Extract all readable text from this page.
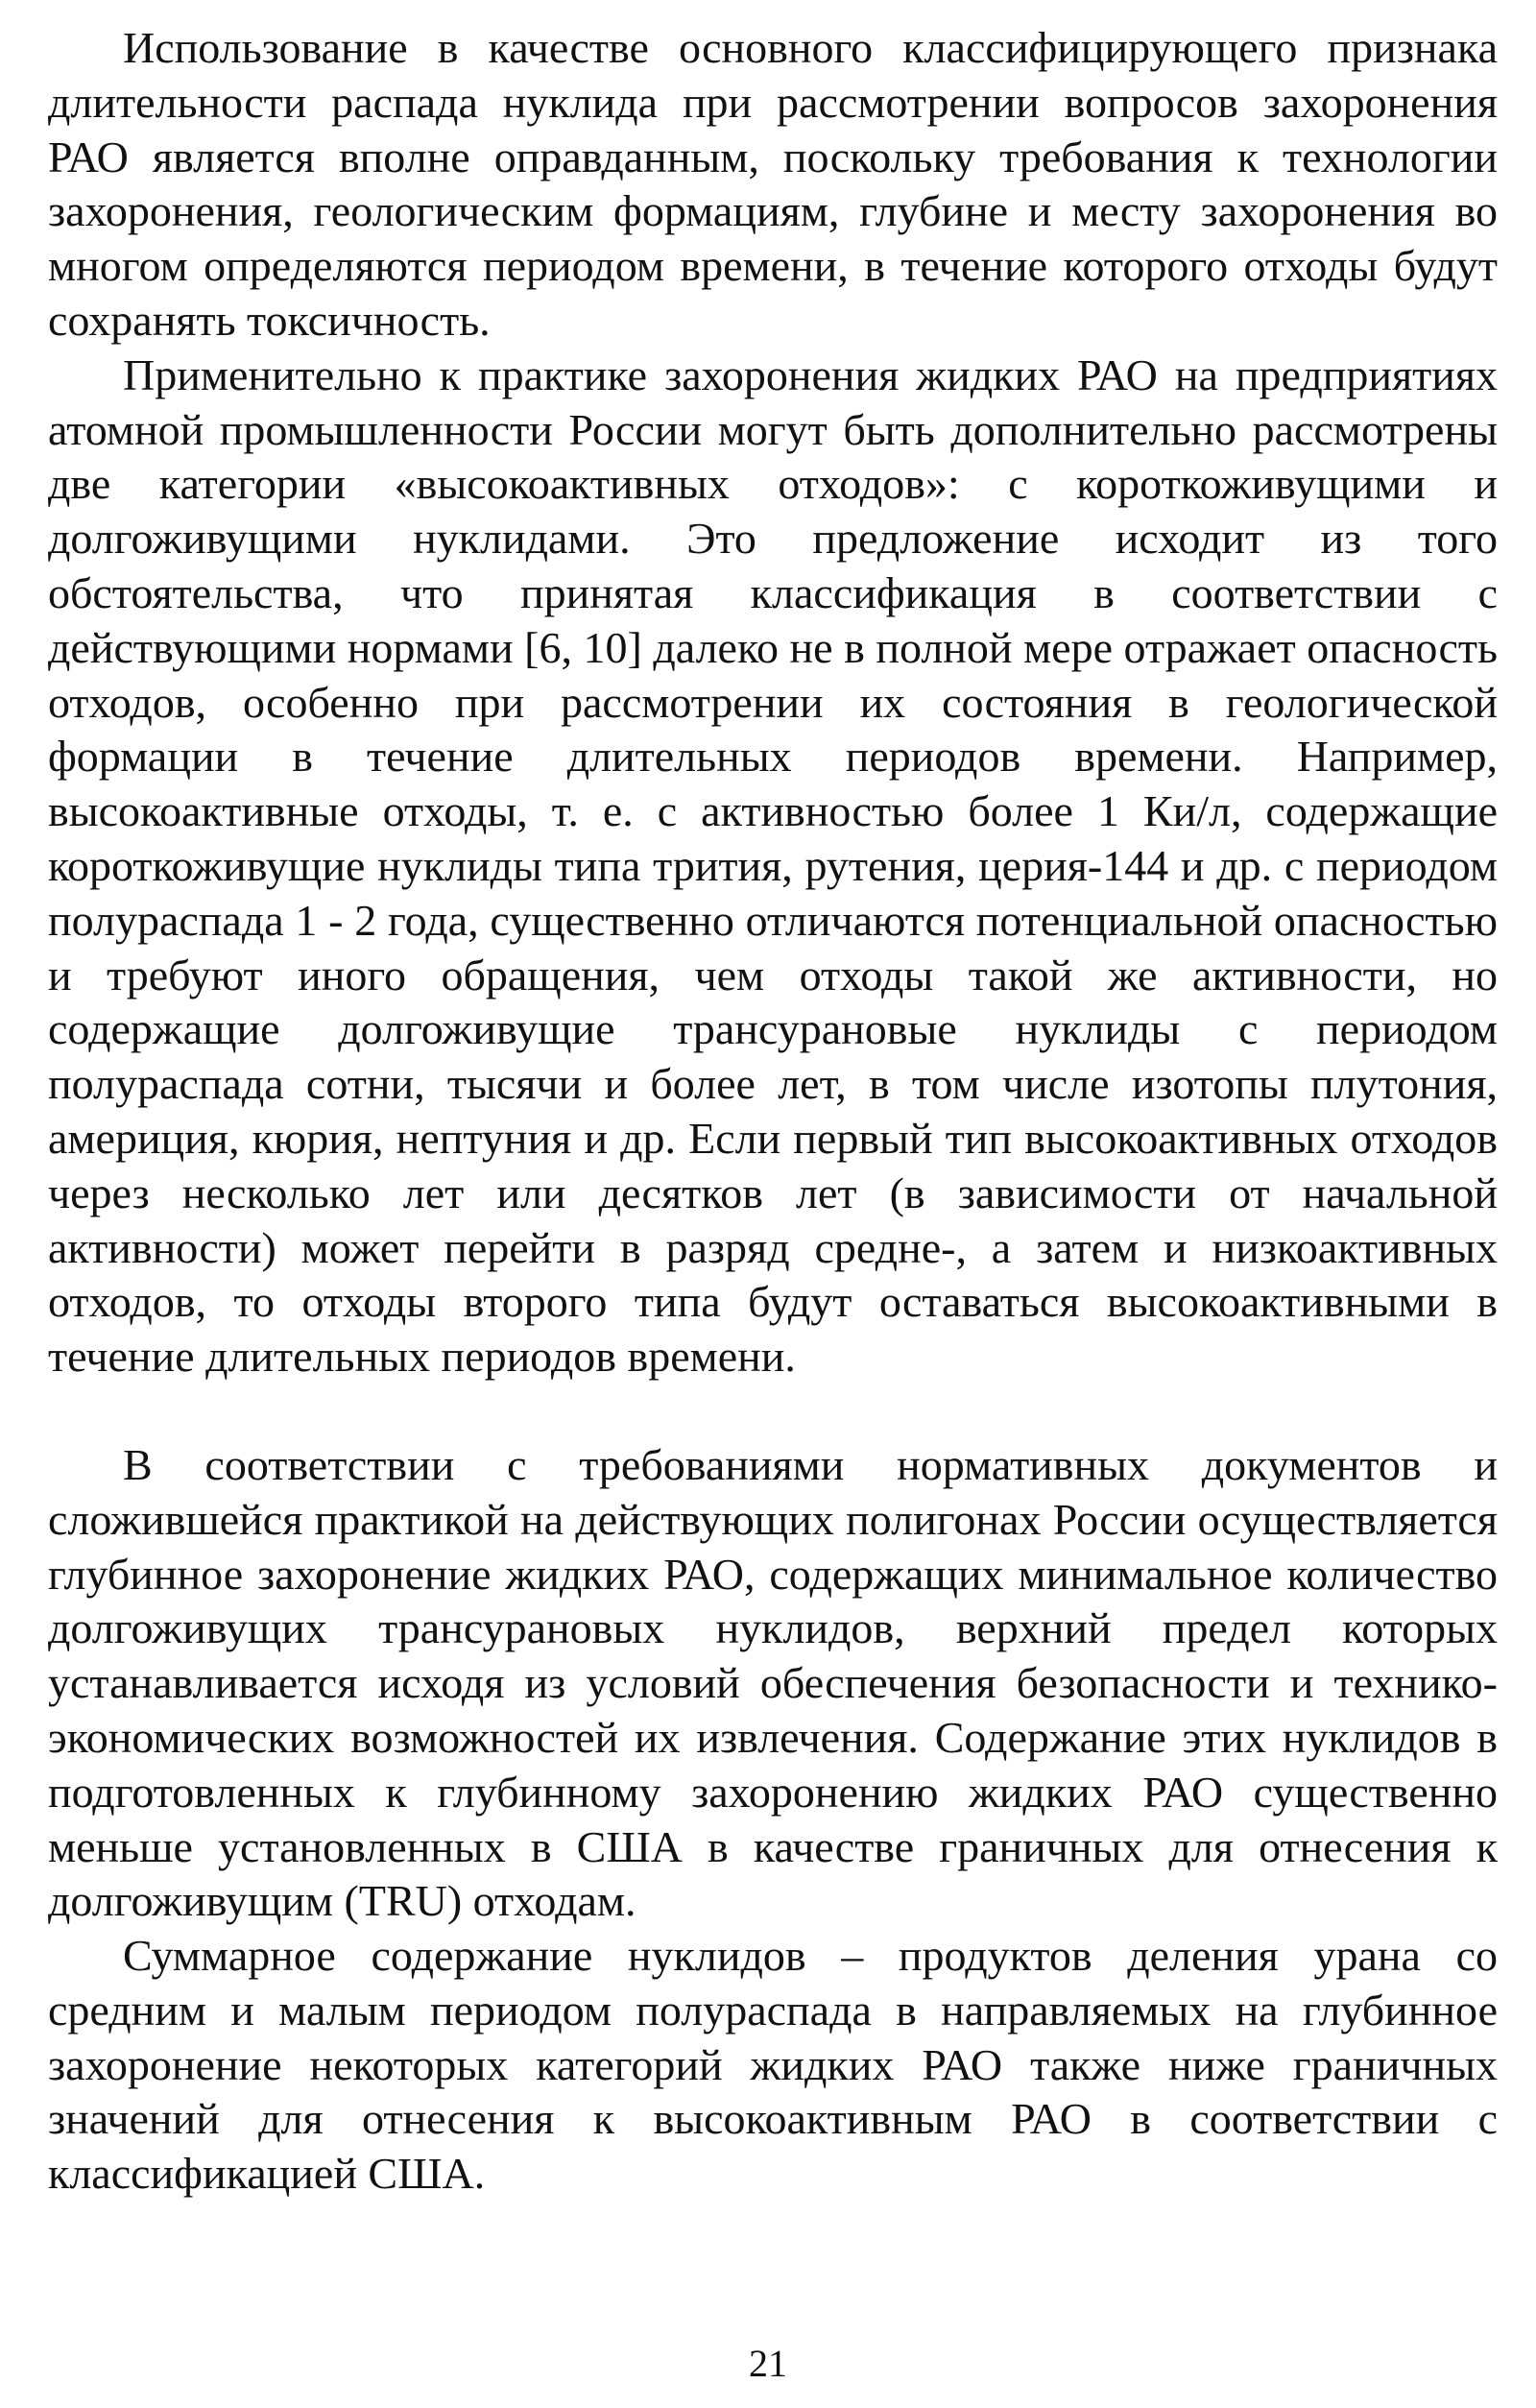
Использование в качестве основного классифицирующего признака длительности распада нуклида при рассмотрении вопросов захоронения РАО является вполне оправданным, поскольку требования к технологии захоронения, геологическим формациям, глубине и месту захоронения во многом определяются периодом времени, в течение которого отходы будут сохранять токсичность.

Применительно к практике захоронения жидких РАО на предприятиях атомной промышленности России могут быть дополнительно рассмотрены две категории «высокоактивных отходов»: с короткоживущими и долгоживущими нуклидами. Это предложение исходит из того обстоятельства, что принятая классификация в соответствии с действующими нормами [6, 10] далеко не в полной мере отражает опасность отходов, особенно при рассмотрении их состояния в геологической формации в течение длительных периодов времени. Например, высокоактивные отходы, т. е. с активностью более 1 Ки/л, содержащие короткоживущие нуклиды типа трития, рутения, церия-144 и др. с периодом полураспада 1 - 2 года, существенно отличаются потенциальной опасностью и требуют иного обращения, чем отходы такой же активности, но содержащие долгоживущие трансурановые нуклиды с периодом полураспада сотни, тысячи и более лет, в том числе изотопы плутония, америция, кюрия, нептуния и др. Если первый тип высокоактивных отходов через несколько лет или десятков лет (в зависимости от начальной активности) может перейти в разряд средне-, а затем и низкоактивных отходов, то отходы второго типа будут оставаться высокоактивными в течение длительных периодов времени.

В соответствии с требованиями нормативных документов и сложившейся практикой на действующих полигонах России осуществляется глубинное захоронение жидких РАО, содержащих минимальное количество долгоживущих трансурановых нуклидов, верхний предел которых устанавливается исходя из условий обеспечения безопасности и технико-экономических возможностей их извлечения. Содержание этих нуклидов в подготовленных к глубинному захоронению жидких РАО существенно меньше установленных в США в качестве граничных для отнесения к долгоживущим (TRU) отходам.

Суммарное содержание нуклидов – продуктов деления урана со средним и малым периодом полураспада в направляемых на глубинное захоронение некоторых категорий жидких РАО также ниже граничных значений для отнесения к высокоактивным РАО в соответствии с классификацией США.

21
